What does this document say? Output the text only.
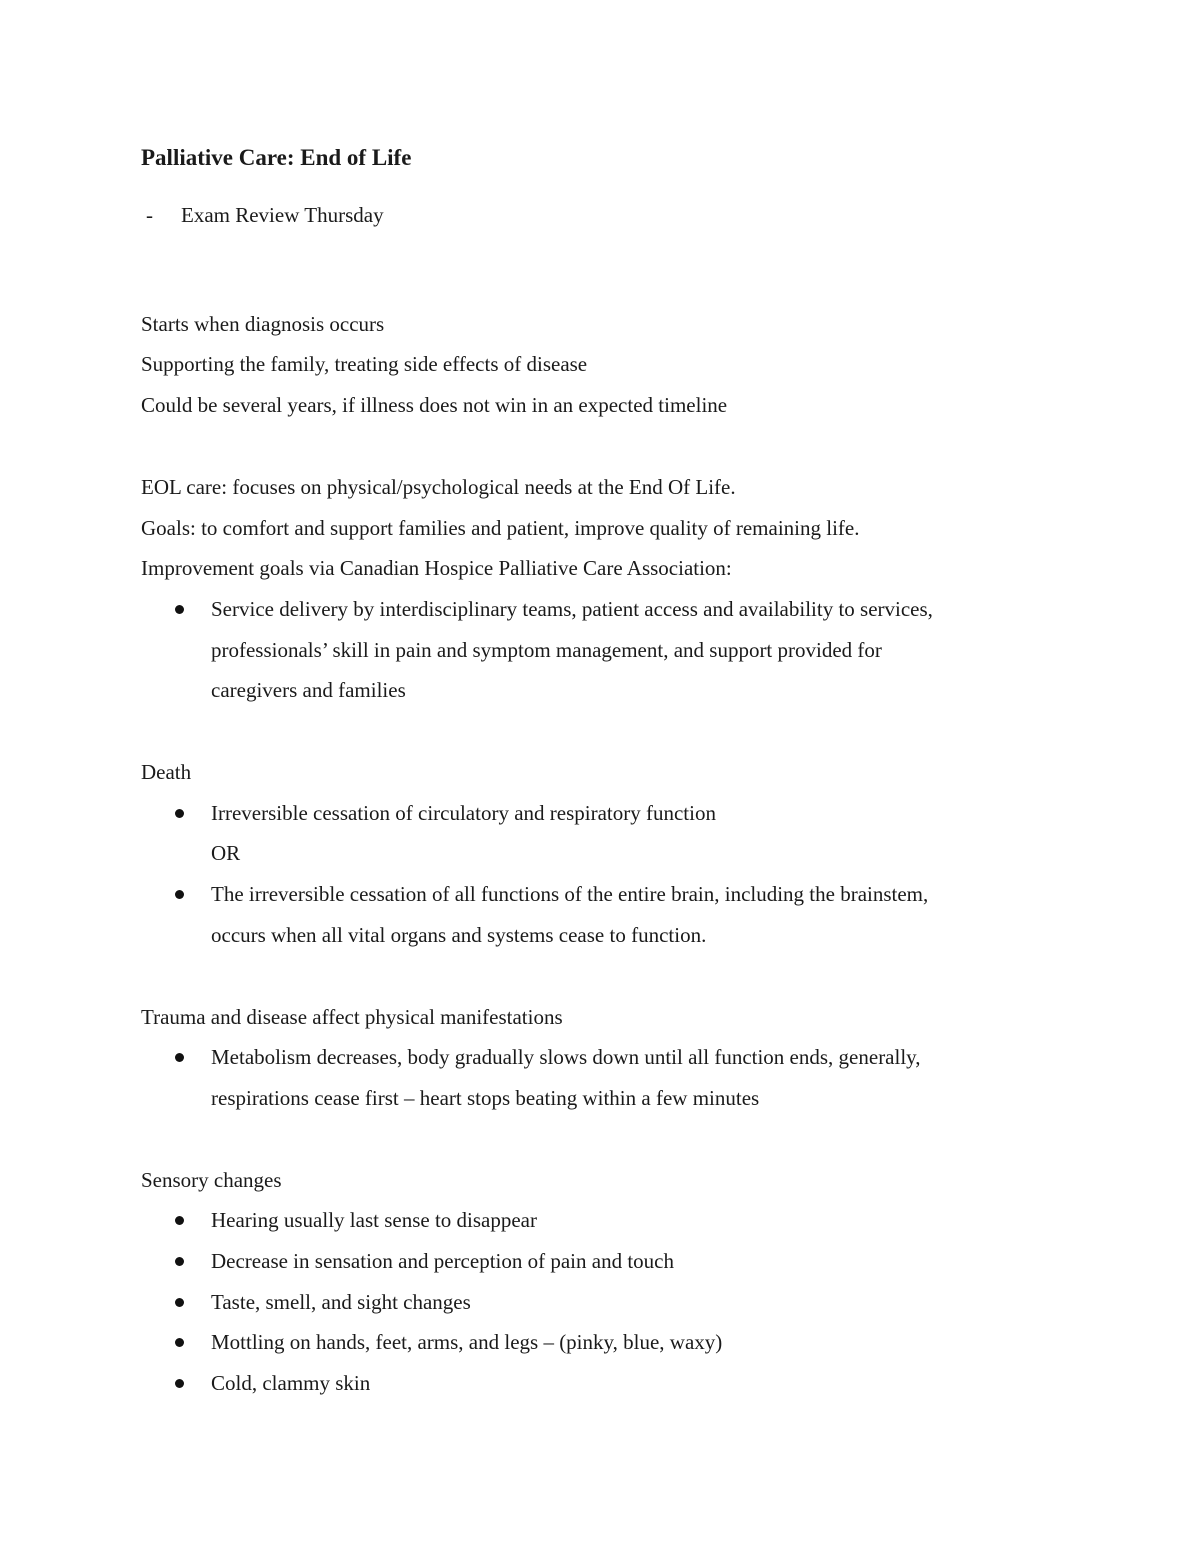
Palliative Care: End of Life
-	Exam Review Thursday

Starts when diagnosis occurs

Supporting the family, treating side effects of disease

Could be several years, if illness does not win in an expected timeline

EOL care: focuses on physical/psychological needs at the End Of Life.

Goals: to comfort and support families and patient, improve quality of remaining life.

Improvement goals via Canadian Hospice Palliative Care Association:

Service delivery by interdisciplinary teams, patient access and availability to services,
professionals’ skill in pain and symptom management, and support provided for
caregivers and families

Death

Irreversible cessation of circulatory and respiratory function

OR

The irreversible cessation of all functions of the entire brain, including the brainstem,
occurs when all vital organs and systems cease to function.

Trauma and disease affect physical manifestations

Metabolism decreases, body gradually slows down until all function ends, generally,
respirations cease first – heart stops beating within a few minutes

Sensory changes

Hearing usually last sense to disappear
Decrease in sensation and perception of pain and touch
Taste, smell, and sight changes
Mottling on hands, feet, arms, and legs – (pinky, blue, waxy)
Cold, clammy skin
